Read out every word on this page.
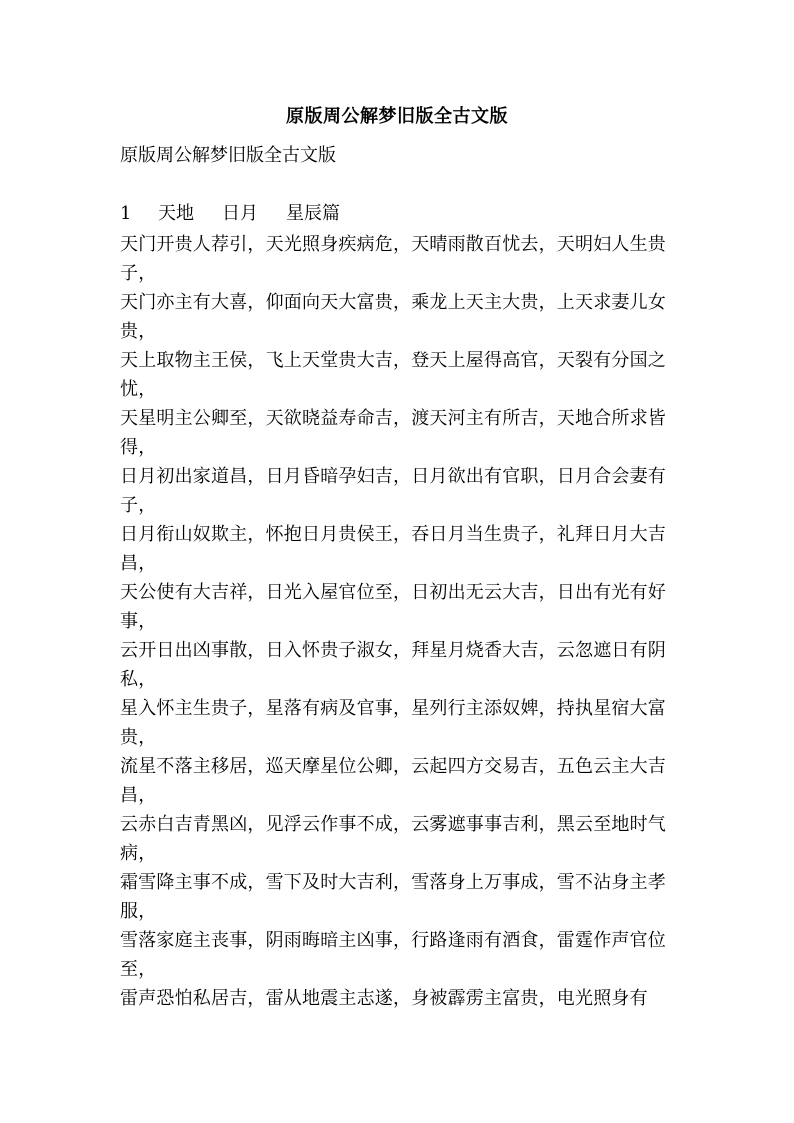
原版周公解梦旧版全古文版
原版周公解梦旧版全古文版
1 天地 日月 星辰篇

天门开贵人荐引，天光照身疾病危，天晴雨散百忧去，天明妇人生贵子，

天门亦主有大喜，仰面向天大富贵，乘龙上天主大贵，上天求妻儿女贵，

天上取物主王侯，飞上天堂贵大吉，登天上屋得高官，天裂有分国之忧，

天星明主公卿至，天欲晓益寿命吉，渡天河主有所吉，天地合所求皆得，

日月初出家道昌，日月昏暗孕妇吉，日月欲出有官职，日月合会妻有子，

日月衔山奴欺主，怀抱日月贵侯王，吞日月当生贵子，礼拜日月大吉昌，

天公使有大吉祥，日光入屋官位至，日初出无云大吉，日出有光有好事，

云开日出凶事散，日入怀贵子淑女，拜星月烧香大吉，云忽遮日有阴私，

星入怀主生贵子，星落有病及官事，星列行主添奴婢，持执星宿大富贵，

流星不落主移居，巡天摩星位公卿，云起四方交易吉，五色云主大吉昌，

云赤白吉青黑凶，见浮云作事不成，云雾遮事事吉利，黑云至地时气病，

霜雪降主事不成，雪下及时大吉利，雪落身上万事成，雪不沾身主孝服，

雪落家庭主丧事，阴雨晦暗主凶事，行路逢雨有酒食，雷霆作声官位至，

雷声恐怕私居吉，雷从地震主志遂，身被霹雳主富贵，电光照身有
